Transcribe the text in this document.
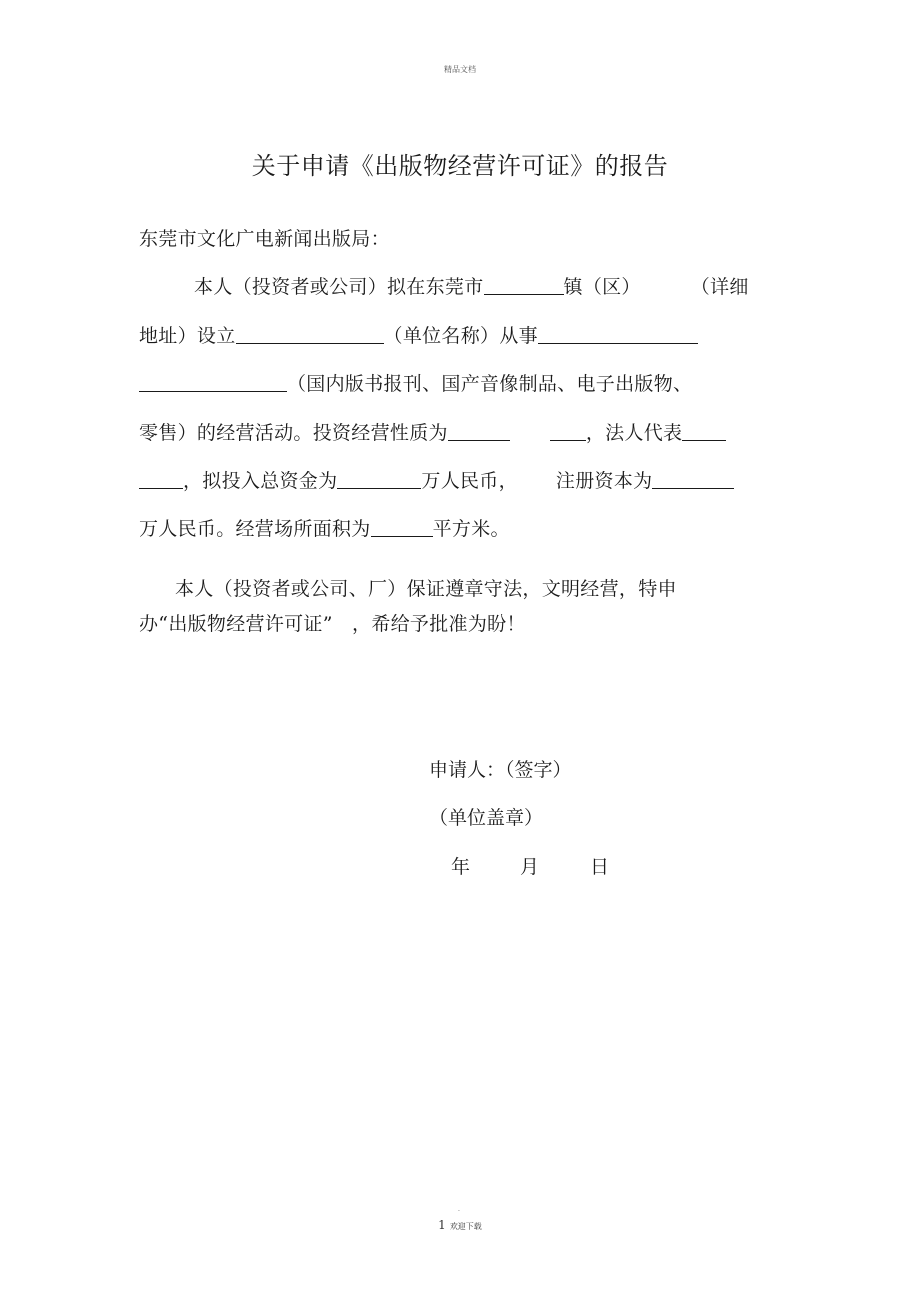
精品文档
关于申请《出版物经营许可证》的报告

东莞市文化广电新闻出版局：

本人（投资者或公司）拟在东莞市	镇（区）	（详细

地址）设立	（单位名称）从事

（国内版书报刊、国产音像制品、电子出版物、

零售）的经营活动。投资经营性质为	，法人代表

，拟投入总资金为	万人民币， 注册资本为

万人民币。经营场所面积为	平方米。

本人（投资者或公司、厂）保证遵章守法，文明经营，特申

办“出版物经营许可证”　，希给予批准为盼！

申请人：（签字）

（单位盖章）

年	月	日

.
1 欢迎下载
